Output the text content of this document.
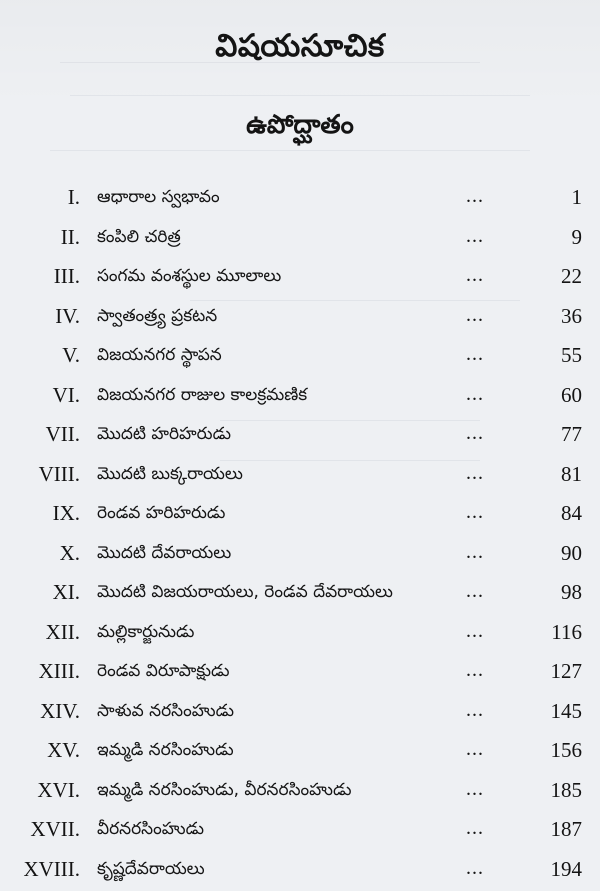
విషయసూచిక
ఉపోద్ఘాతం
I. ఆధారాల స్వభావం	...	1
II. కంపిలి చరిత్ర	...	9
III. సంగమ వంశస్థుల మూలాలు	...	22
IV. స్వాతంత్ర్య ప్రకటన	...	36
V. విజయనగర స్థాపన	...	55
VI. విజయనగర రాజుల కాలక్రమణిక	...	60
VII. మొదటి హరిహరుడు	...	77
VIII. మొదటి బుక్కరాయలు	...	81
IX. రెండవ హరిహరుడు	...	84
X. మొదటి దేవరాయలు	...	90
XI. మొదటి విజయరాయలు, రెండవ దేవరాయలు	...	98
XII. మల్లికార్జునుడు	...	116
XIII. రెండవ విరూపాక్షుడు	...	127
XIV. సాళువ నరసింహుడు	...	145
XV. ఇమ్మడి నరసింహుడు	...	156
XVI. ఇమ్మడి నరసింహుడు, వీరనరసింహుడు	...	185
XVII. వీరనరసింహుడు	...	187
XVIII. కృష్ణదేవరాయలు	...	194
